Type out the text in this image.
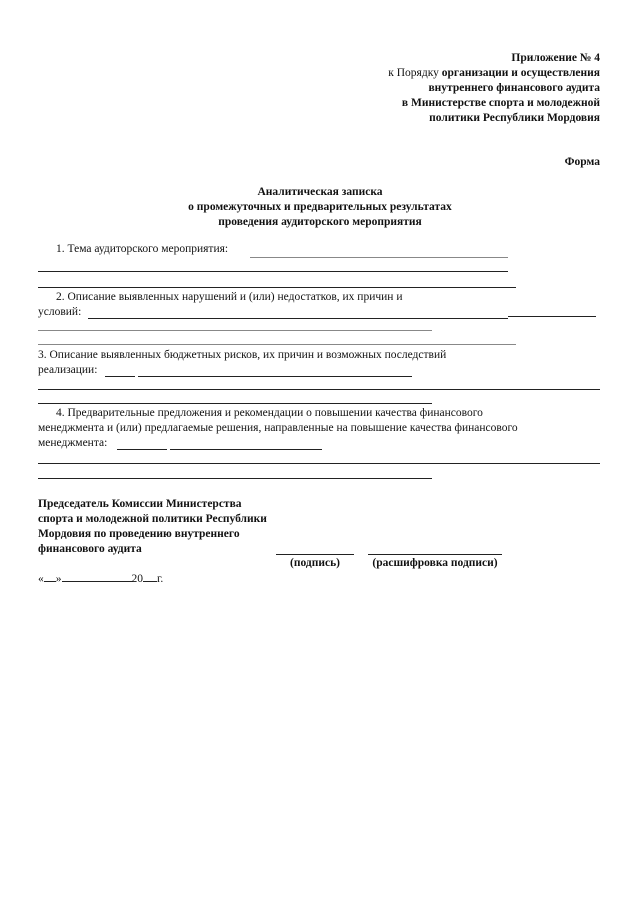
Приложение № 4
к Порядку организации и осуществления
внутреннего финансового аудита
в Министерстве спорта и молодежной
политики Республики Мордовия
Форма
Аналитическая записка
о промежуточных и предварительных результатах
проведения аудиторского мероприятия
1. Тема аудиторского мероприятия:
2. Описание выявленных нарушений и (или) недостатков, их причин и
условий:
3. Описание выявленных бюджетных рисков, их причин и возможных последствий
реализации:
4. Предварительные предложения и рекомендации о повышении качества финансового
менеджмента и (или) предлагаемые решения, направленные на повышение качества финансового
менеджмента:
Председатель Комиссии Министерства
спорта и молодежной политики Республики
Мордовия по проведению внутреннего
финансового аудита
(подпись)	(расшифровка подписи)
« »	20 г.
